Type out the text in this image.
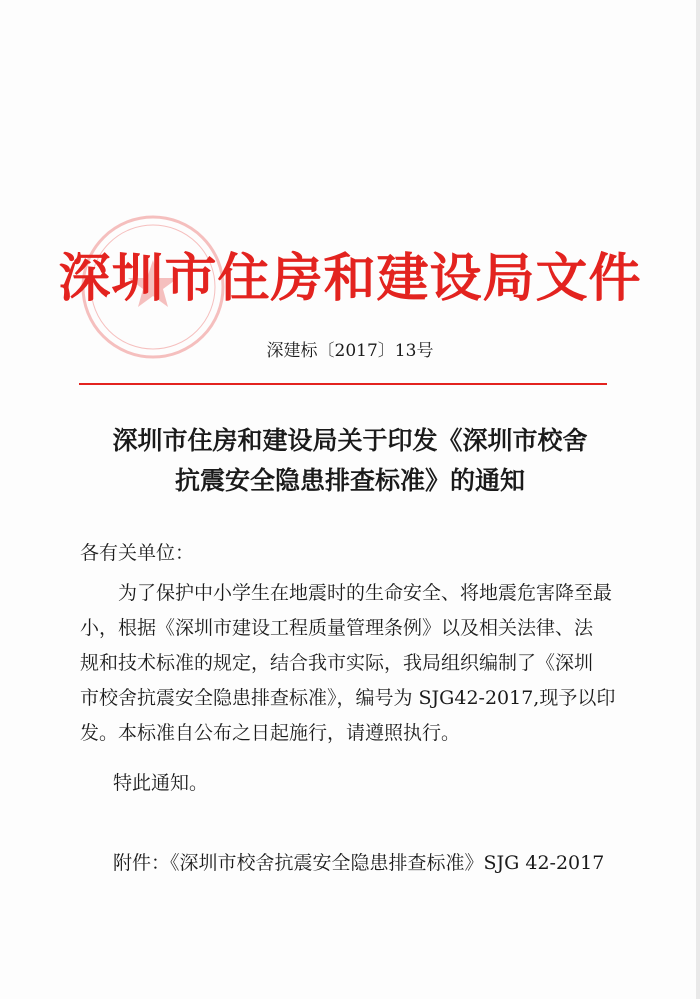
深圳市住房和建设局文件
深建标〔2017〕13号
深圳市住房和建设局关于印发《深圳市校舍
抗震安全隐患排查标准》的通知
各有关单位：
　　为了保护中小学生在地震时的生命安全、将地震危害降至最
小，根据《深圳市建设工程质量管理条例》以及相关法律、法
规和技术标准的规定，结合我市实际，我局组织编制了《深圳
市校舍抗震安全隐患排查标准》，编号为 SJG42-2017,现予以印
发。本标准自公布之日起施行，请遵照执行。
特此通知。
附件：《深圳市校舍抗震安全隐患排查标准》SJG 42-2017
